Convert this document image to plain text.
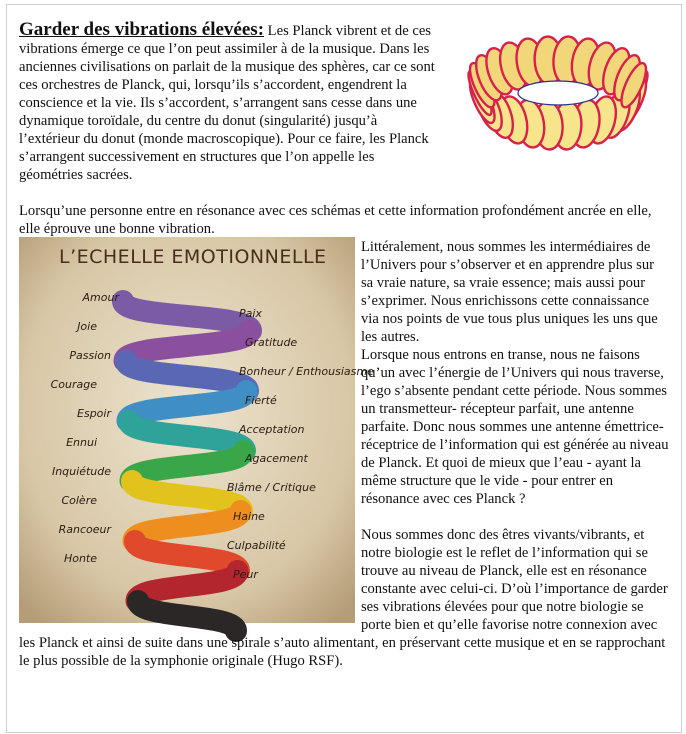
Garder des vibrations élevées: Les Planck vibrent et de ces vibrations émerge ce que l’on peut assimiler à de la musique. Dans les anciennes civilisations on parlait de la musique des sphères, car ce sont ces orchestres de Planck, qui, lorsqu’ils s’accordent, engendrent la conscience et la vie. Ils s’accordent, s’arrangent sans cesse dans une dynamique toroïdale, du centre du donut (singularité) jusqu’à l’extérieur du donut (monde macroscopique). Pour ce faire, les Planck s’arrangent successivement en structures que l’on appelle les géométries sacrées.

Lorsqu’une personne entre en résonance avec ces schémas et cette information profondément ancrée en elle, elle éprouve une bonne vibration.

L’ECHELLE EMOTIONNELLE
Amour
Joie
Passion
Courage
Espoir
Ennui
Inquiétude
Colère
Rancoeur
Honte
Paix
Gratitude
Bonheur / Enthousiasme
Fierté
Acceptation
Agacement
Blâme / Critique
Haine
Culpabilité
Peur

Littéralement, nous sommes les intermédiaires de l’Univers pour s’observer et en apprendre plus sur sa vraie nature, sa vraie essence; mais aussi pour s’exprimer. Nous enrichissons cette connaissance via nos points de vue tous plus uniques les uns que les autres.

Lorsque nous entrons en transe, nous ne faisons qu’un avec l’énergie de l’Univers qui nous traverse, l’ego s’absente pendant cette période. Nous sommes un transmetteur- récepteur parfait, une antenne parfaite. Donc nous sommes une antenne émettrice-réceptrice de l’information qui est générée au niveau de Planck. Et quoi de mieux que l’eau - ayant la même structure que le vide - pour entrer en résonance avec ces Planck ?

Nous sommes donc des êtres vivants/vibrants, et notre biologie est le reflet de l’information qui se trouve au niveau de Planck, elle est en résonance constante avec celui-ci. D’où l’importance de garder ses vibrations élevées pour que notre biologie se porte bien et qu’elle favorise notre connexion avec les Planck et ainsi de suite dans une spirale s’auto alimentant, en préservant cette musique et en se rapprochant le plus possible de la symphonie originale (Hugo RSF).
